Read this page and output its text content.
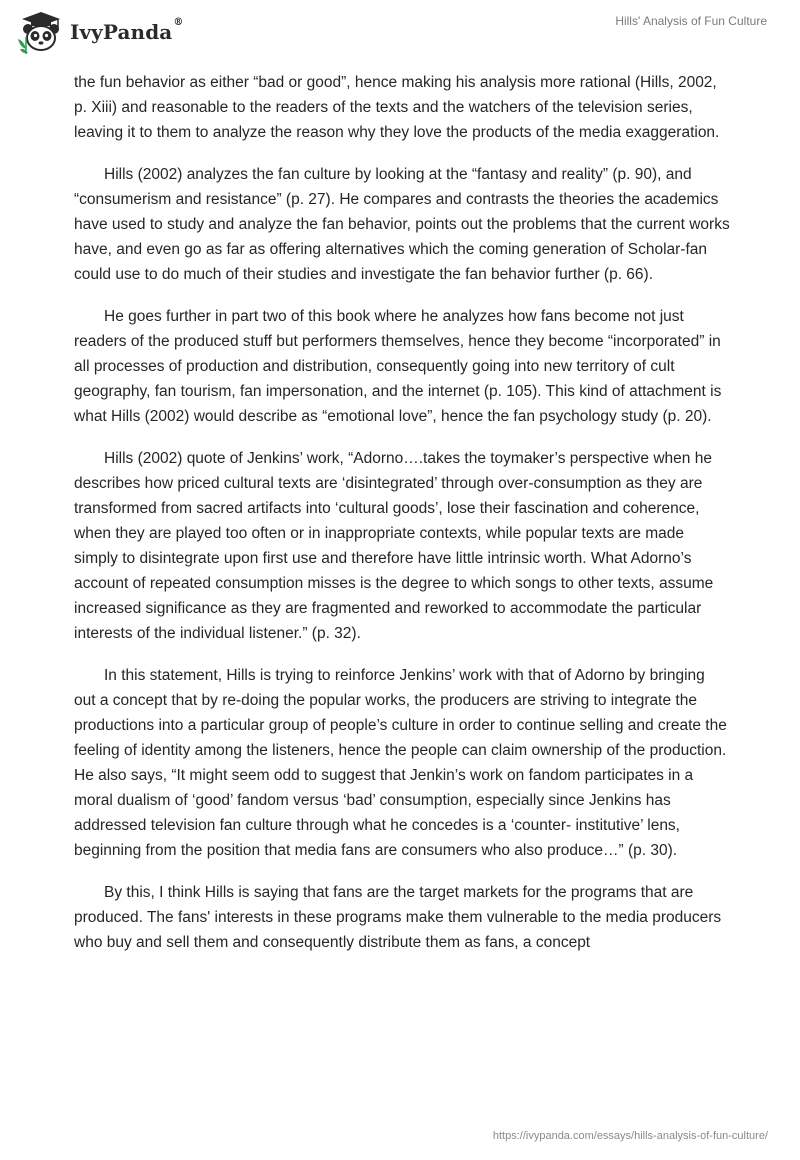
IvyPanda ®	Hills' Analysis of Fun Culture

the fun behavior as either “bad or good”, hence making his analysis more rational (Hills, 2002, p. Xiii) and reasonable to the readers of the texts and the watchers of the television series, leaving it to them to analyze the reason why they love the products of the media exaggeration.

Hills (2002) analyzes the fan culture by looking at the “fantasy and reality” (p. 90), and “consumerism and resistance” (p. 27). He compares and contrasts the theories the academics have used to study and analyze the fan behavior, points out the problems that the current works have, and even go as far as offering alternatives which the coming generation of Scholar-fan could use to do much of their studies and investigate the fan behavior further (p. 66).

He goes further in part two of this book where he analyzes how fans become not just readers of the produced stuff but performers themselves, hence they become “incorporated” in all processes of production and distribution, consequently going into new territory of cult geography, fan tourism, fan impersonation, and the internet (p. 105). This kind of attachment is what Hills (2002) would describe as “emotional love”, hence the fan psychology study (p. 20).

Hills (2002) quote of Jenkins’ work, “Adorno….takes the toymaker’s perspective when he describes how priced cultural texts are ‘disintegrated’ through over-consumption as they are transformed from sacred artifacts into ‘cultural goods’, lose their fascination and coherence, when they are played too often or in inappropriate contexts, while popular texts are made simply to disintegrate upon first use and therefore have little intrinsic worth. What Adorno’s account of repeated consumption misses is the degree to which songs to other texts, assume increased significance as they are fragmented and reworked to accommodate the particular interests of the individual listener.” (p. 32).

In this statement, Hills is trying to reinforce Jenkins’ work with that of Adorno by bringing out a concept that by re-doing the popular works, the producers are striving to integrate the productions into a particular group of people’s culture in order to continue selling and create the feeling of identity among the listeners, hence the people can claim ownership of the production. He also says, “It might seem odd to suggest that Jenkin’s work on fandom participates in a moral dualism of ‘good’ fandom versus ‘bad’ consumption, especially since Jenkins has addressed television fan culture through what he concedes is a ‘counter- institutive’ lens, beginning from the position that media fans are consumers who also produce…” (p. 30).

By this, I think Hills is saying that fans are the target markets for the programs that are produced. The fans' interests in these programs make them vulnerable to the media producers who buy and sell them and consequently distribute them as fans, a concept

https://ivypanda.com/essays/hills-analysis-of-fun-culture/
